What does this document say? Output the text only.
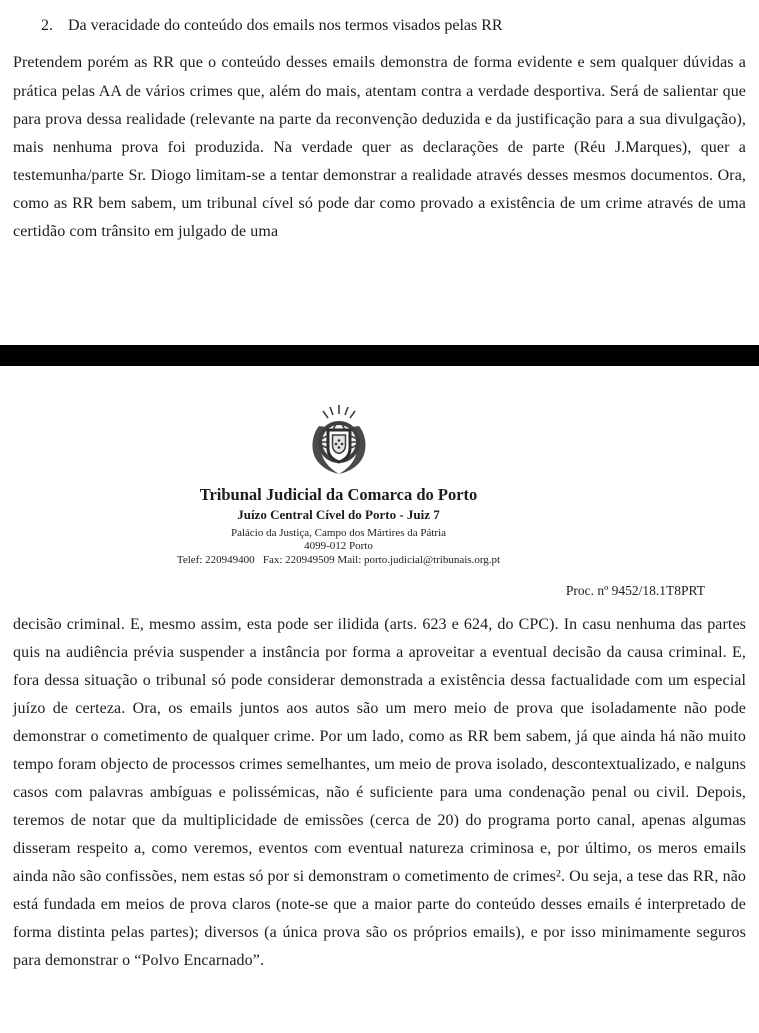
2. Da veracidade do conteúdo dos emails nos termos visados pelas RR

Pretendem porém as RR que o conteúdo desses emails demonstra de forma evidente e sem qualquer dúvidas a prática pelas AA de vários crimes que, além do mais, atentam contra a verdade desportiva. Será de salientar que para prova dessa realidade (relevante na parte da reconvenção deduzida e da justificação para a sua divulgação), mais nenhuma prova foi produzida. Na verdade quer as declarações de parte (Réu J.Marques), quer a testemunha/parte Sr. Diogo limitam-se a tentar demonstrar a realidade através desses mesmos documentos. Ora, como as RR bem sabem, um tribunal cível só pode dar como provado a existência de um crime através de uma certidão com trânsito em julgado de uma

Tribunal Judicial da Comarca do Porto
Juízo Central Cível do Porto - Juiz 7
Palácio da Justiça, Campo dos Mártires da Pátria
4099-012 Porto
Telef: 220949400   Fax: 220949509 Mail: porto.judicial@tribunais.org.pt
Proc. nº 9452/18.1T8PRT

decisão criminal. E, mesmo assim, esta pode ser ilidida (arts. 623 e 624, do CPC). In casu nenhuma das partes quis na audiência prévia suspender a instância por forma a aproveitar a eventual decisão da causa criminal. E, fora dessa situação o tribunal só pode considerar demonstrada a existência dessa factualidade com um especial juízo de certeza. Ora, os emails juntos aos autos são um mero meio de prova que isoladamente não pode demonstrar o cometimento de qualquer crime. Por um lado, como as RR bem sabem, já que ainda há não muito tempo foram objecto de processos crimes semelhantes, um meio de prova isolado, descontextualizado, e nalguns casos com palavras ambíguas e polissémicas, não é suficiente para uma condenação penal ou civil. Depois, teremos de notar que da multiplicidade de emissões (cerca de 20) do programa porto canal, apenas algumas disseram respeito a, como veremos, eventos com eventual natureza criminosa e, por último, os meros emails ainda não são confissões, nem estas só por si demonstram o cometimento de crimes². Ou seja, a tese das RR, não está fundada em meios de prova claros (note-se que a maior parte do conteúdo desses emails é interpretado de forma distinta pelas partes); diversos (a única prova são os próprios emails), e por isso minimamente seguros para demonstrar o “Polvo Encarnado”.
